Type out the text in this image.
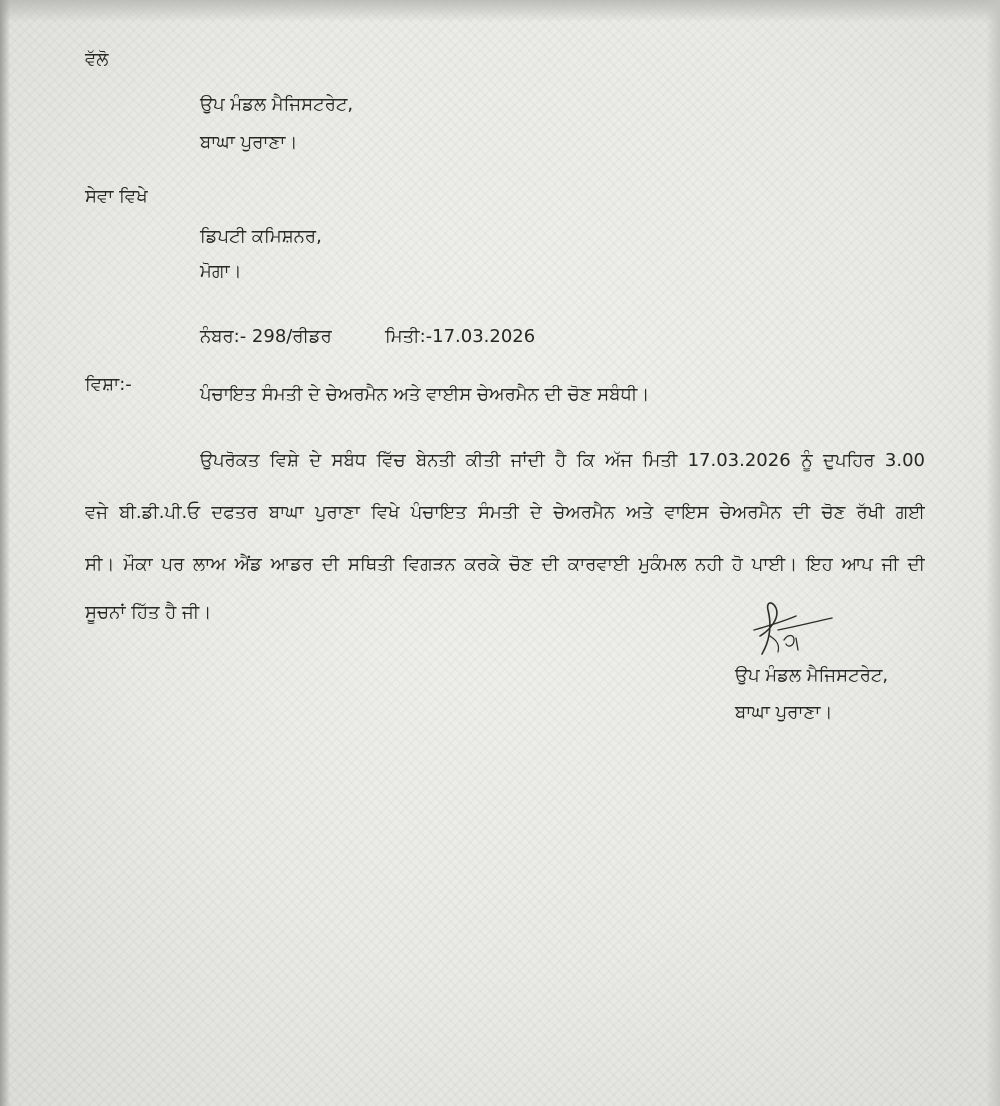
ਵੱਲੋ
ਉਪ ਮੰਡਲ ਮੈਜਿਸਟਰੇਟ,
ਬਾਘਾ ਪੁਰਾਣਾ।
ਸੇਵਾ ਵਿਖੇ
ਡਿਪਟੀ ਕਮਿਸ਼ਨਰ,
ਮੋਗਾ।
ਨੰਬਰ:- 298/ਰੀਡਰ	ਮਿਤੀ:-17.03.2026
ਵਿਸ਼ਾ:-	ਪੰਚਾਇਤ ਸੰਮਤੀ ਦੇ ਚੇਅਰਮੈਨ ਅਤੇ ਵਾਈਸ ਚੇਅਰਮੈਨ ਦੀ ਚੋਣ ਸਬੰਧੀ।
ਉਪਰੋਕਤ ਵਿਸ਼ੇ ਦੇ ਸਬੰਧ ਵਿੱਚ ਬੇਨਤੀ ਕੀਤੀ ਜਾਂਦੀ ਹੈ ਕਿ ਅੱਜ ਮਿਤੀ 17.03.2026 ਨੂੰ ਦੁਪਹਿਰ 3.00
ਵਜੇ ਬੀ.ਡੀ.ਪੀ.ਓ ਦਫਤਰ ਬਾਘਾ ਪੁਰਾਣਾ ਵਿਖੇ ਪੰਚਾਇਤ ਸੰਮਤੀ ਦੇ ਚੇਅਰਮੈਨ ਅਤੇ ਵਾਇਸ ਚੇਅਰਮੈਨ ਦੀ ਚੋਣ ਰੱਖੀ ਗਈ
ਸੀ। ਮੌਕਾ ਪਰ ਲਾਅ ਐਂਡ ਆਡਰ ਦੀ ਸਥਿਤੀ ਵਿਗੜਨ ਕਰਕੇ ਚੋਣ ਦੀ ਕਾਰਵਾਈ ਮੁਕੰਮਲ ਨਹੀ ਹੋ ਪਾਈ। ਇਹ ਆਪ ਜੀ ਦੀ
ਸੂਚਨਾਂ ਹਿੱਤ ਹੈ ਜੀ।
ਉਪ ਮੰਡਲ ਮੈਜਿਸਟਰੇਟ,
ਬਾਘਾ ਪੁਰਾਣਾ।
